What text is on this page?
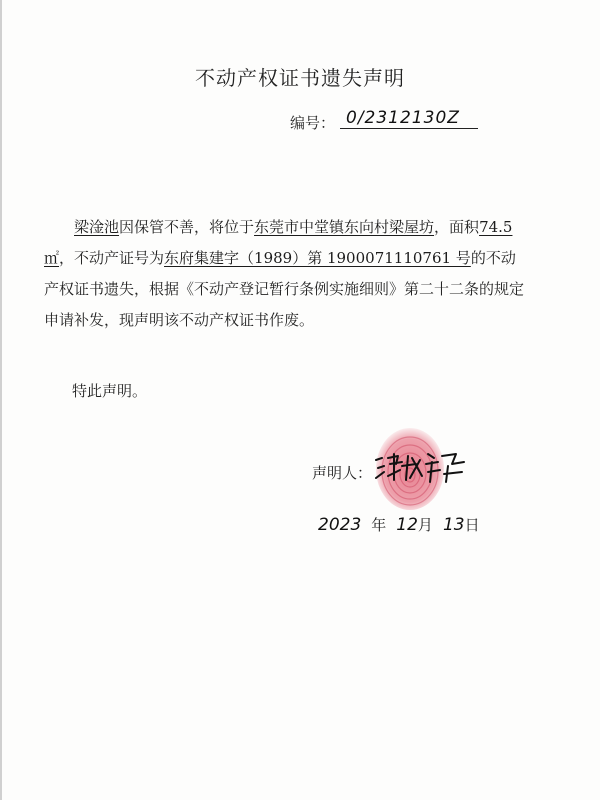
不动产权证书遗失声明
编号： 0/2312130Z
梁淦池因保管不善，将位于东莞市中堂镇东向村梁屋坊，面积74.5 ㎡，不动产证号为东府集建字（1989）第 1900071110761 号的不动产权证书遗失，根据《不动产登记暂行条例实施细则》第二十二条的规定申请补发，现声明该不动产权证书作废。
特此声明。
声明人：
2023 年 12月 13日
